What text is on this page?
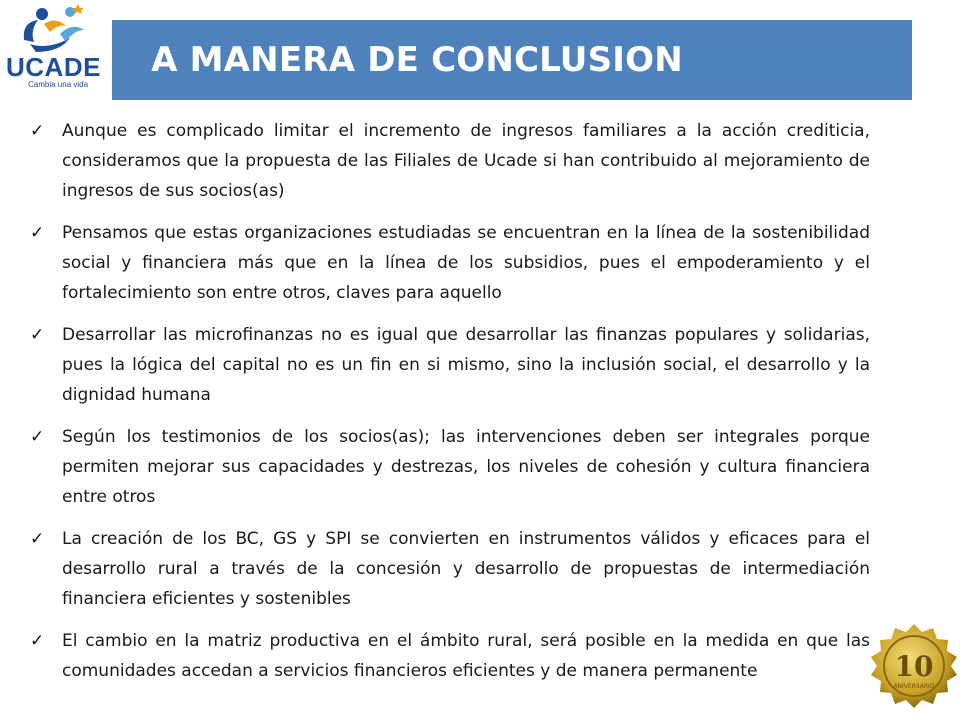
UCADE
Cambia una vida
A MANERA DE CONCLUSION
✓ Aunque es complicado limitar el incremento de ingresos familiares a la acción crediticia, consideramos que la propuesta de las Filiales de Ucade si han contribuido al mejoramiento de ingresos de sus socios(as)
✓ Pensamos que estas organizaciones estudiadas se encuentran en la línea de la sostenibilidad social y financiera más que en la línea de los subsidios, pues el empoderamiento y el fortalecimiento son entre otros, claves para aquello
✓ Desarrollar las microfinanzas no es igual que desarrollar las finanzas populares y solidarias, pues la lógica del capital no es un fin en si mismo, sino la inclusión social, el desarrollo y la dignidad humana
✓ Según los testimonios de los socios(as); las intervenciones deben ser integrales porque permiten mejorar sus capacidades y destrezas, los niveles de cohesión y cultura financiera entre otros
✓ La creación de los BC, GS y SPI se convierten en instrumentos válidos y eficaces para el desarrollo rural a través de la concesión y desarrollo de propuestas de intermediación financiera eficientes y sostenibles
✓ El cambio en la matriz productiva en el ámbito rural, será posible en la medida en que las comunidades accedan a servicios financieros eficientes y de manera permanente	10
ANIVERSARIO
